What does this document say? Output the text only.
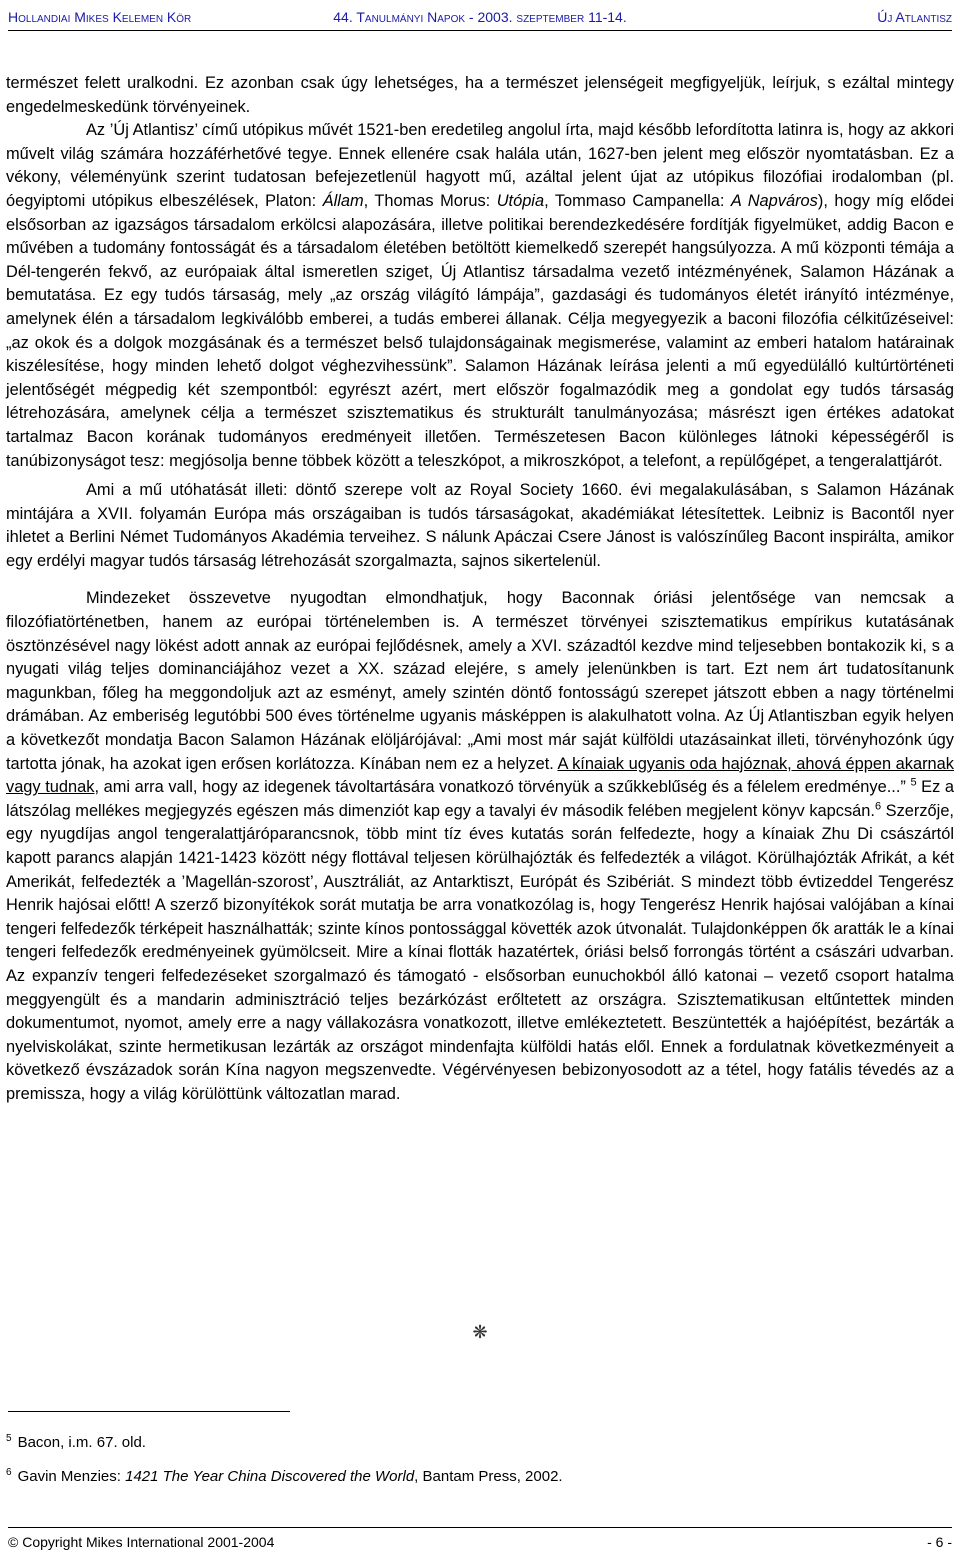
Hollandiai Mikes Kelemen Kör	44. Tanulmányi Napok - 2003. szeptember 11-14.	Új Atlantisz

természet felett uralkodni. Ez azonban csak úgy lehetséges, ha a természet jelenségeit megfigyeljük, leírjuk, s ezáltal mintegy engedelmeskedünk törvényeinek.

Az ’Új Atlantisz’ című utópikus művét 1521-ben eredetileg angolul írta, majd később lefordította latinra is, hogy az akkori művelt világ számára hozzáférhetővé tegye. Ennek ellenére csak halála után, 1627-ben jelent meg először nyomtatásban. Ez a vékony, véleményünk szerint tudatosan befejezetlenül hagyott mű, azáltal jelent újat az utópikus filozófiai irodalomban (pl. óegyiptomi utópikus elbeszélések, Platon: Állam, Thomas Morus: Utópia, Tommaso Campanella: A Napváros), hogy míg elődei elsősorban az igazságos társadalom erkölcsi alapozására, illetve politikai berendezkedésére fordítják figyelmüket, addig Bacon e művében a tudomány fontosságát és a társadalom életében betöltött kiemelkedő szerepét hangsúlyozza. A mű központi témája a Dél-tengerén fekvő, az európaiak által ismeretlen sziget, Új Atlantisz társadalma vezető intézményének, Salamon Házának a bemutatása. Ez egy tudós társaság, mely „az ország világító lámpája”, gazdasági és tudományos életét irányító intézménye, amelynek élén a társadalom legkiválóbb emberei, a tudás emberei állanak. Célja megyegyezik a baconi filozófia célkitűzéseivel: „az okok és a dolgok mozgásának és a természet belső tulajdonságainak megismerése, valamint az emberi hatalom határainak kiszélesítése, hogy minden lehető dolgot véghezvihessünk”. Salamon Házának leírása jelenti a mű egyedülálló kultúrtörténeti jelentőségét mégpedig két szempontból: egyrészt azért, mert először fogalmazódik meg a gondolat egy tudós társaság létrehozására, amelynek célja a természet szisztematikus és strukturált tanulmányozása; másrészt igen értékes adatokat tartalmaz Bacon korának tudományos eredményeit illetően. Természetesen Bacon különleges látnoki képességéről is tanúbizonyságot tesz: megjósolja benne többek között a teleszkópot, a mikroszkópot, a telefont, a repülőgépet, a tengeralattjárót.

Ami a mű utóhatását illeti: döntő szerepe volt az Royal Society 1660. évi megalakulásában, s Salamon Házának mintájára a XVII. folyamán Európa más országaiban is tudós társaságokat, akadémiákat létesítettek. Leibniz is Bacontől nyer ihletet a Berlini Német Tudományos Akadémia terveihez. S nálunk Apáczai Csere Jánost is valószínűleg Bacont inspirálta, amikor egy erdélyi magyar tudós társaság létrehozását szorgalmazta, sajnos sikertelenül.

Mindezeket összevetve nyugodtan elmondhatjuk, hogy Baconnak óriási jelentősége van nemcsak a filozófiatörténetben, hanem az európai történelemben is. A természet törvényei szisztematikus empírikus kutatásának ösztönzésével nagy lökést adott annak az európai fejlődésnek, amely a XVI. századtól kezdve mind teljesebben bontakozik ki, s a nyugati világ teljes dominanciájához vezet a XX. század elejére, s amely jelenünkben is tart. Ezt nem árt tudatosítanunk magunkban, főleg ha meggondoljuk azt az esményt, amely szintén döntő fontosságú szerepet játszott ebben a nagy történelmi drámában. Az emberiség legutóbbi 500 éves történelme ugyanis másképpen is alakulhatott volna. Az Új Atlantiszban egyik helyen a következőt mondatja Bacon Salamon Házának elöljárójával: „Ami most már saját külföldi utazásainkat illeti, törvényhozónk úgy tartotta jónak, ha azokat igen erősen korlátozza. Kínában nem ez a helyzet. A kínaiak ugyanis oda hajóznak, ahová éppen akarnak vagy tudnak, ami arra vall, hogy az idegenek távoltartására vonatkozó törvényük a szűkkeblűség és a félelem eredménye...” $^5$ Ez a látszólag mellékes megjegyzés egészen más dimenziót kap egy a tavalyi év második felében megjelent könyv kapcsán.$^6$ Szerzője, egy nyugdíjas angol tengeralattjáróparancsnok, több mint tíz éves kutatás során felfedezte, hogy a kínaiak Zhu Di császártól kapott parancs alapján 1421-1423 között négy flottával teljesen körülhajózták és felfedezték a világot. Körülhajózták Afrikát, a két Amerikát, felfedezték a ’Magellán-szorost’, Ausztráliát, az Antarktiszt, Európát és Szibériát. S mindezt több évtizeddel Tengerész Henrik hajósai előtt! A szerző bizonyítékok sorát mutatja be arra vonatkozólag is, hogy Tengerész Henrik hajósai valójában a kínai tengeri felfedezők térképeit használhatták; szinte kínos pontossággal követték azok útvonalát. Tulajdonképpen ők aratták le a kínai tengeri felfedezők eredményeinek gyümölcseit. Mire a kínai flották hazatértek, óriási belső forrongás történt a császári udvarban. Az expanzív tengeri felfedezéseket szorgalmazó és támogató - elsősorban eunuchokból álló katonai – vezető csoport hatalma meggyengült és a mandarin adminisztráció teljes bezárkózást erőltetett az országra. Szisztematikusan eltűntettek minden dokumentumot, nyomot, amely erre a nagy vállakozásra vonatkozott, illetve emlékeztetett. Beszüntették a hajóépítést, bezárták a nyelviskolákat, szinte hermetikusan lezárták az országot mindenfajta külföldi hatás elől. Ennek a fordulatnak következményeit a következő évszázadok során Kína nagyon megszenvedte. Végérvényesen bebizonyosodott az a tétel, hogy fatális tévedés az a premissza, hogy a világ körülöttünk változatlan marad.

❋

$^5$ Bacon, i.m. 67. old.

$^6$ Gavin Menzies: 1421 The Year China Discovered the World, Bantam Press, 2002.

© Copyright Mikes International 2001-2004	- 6 -
